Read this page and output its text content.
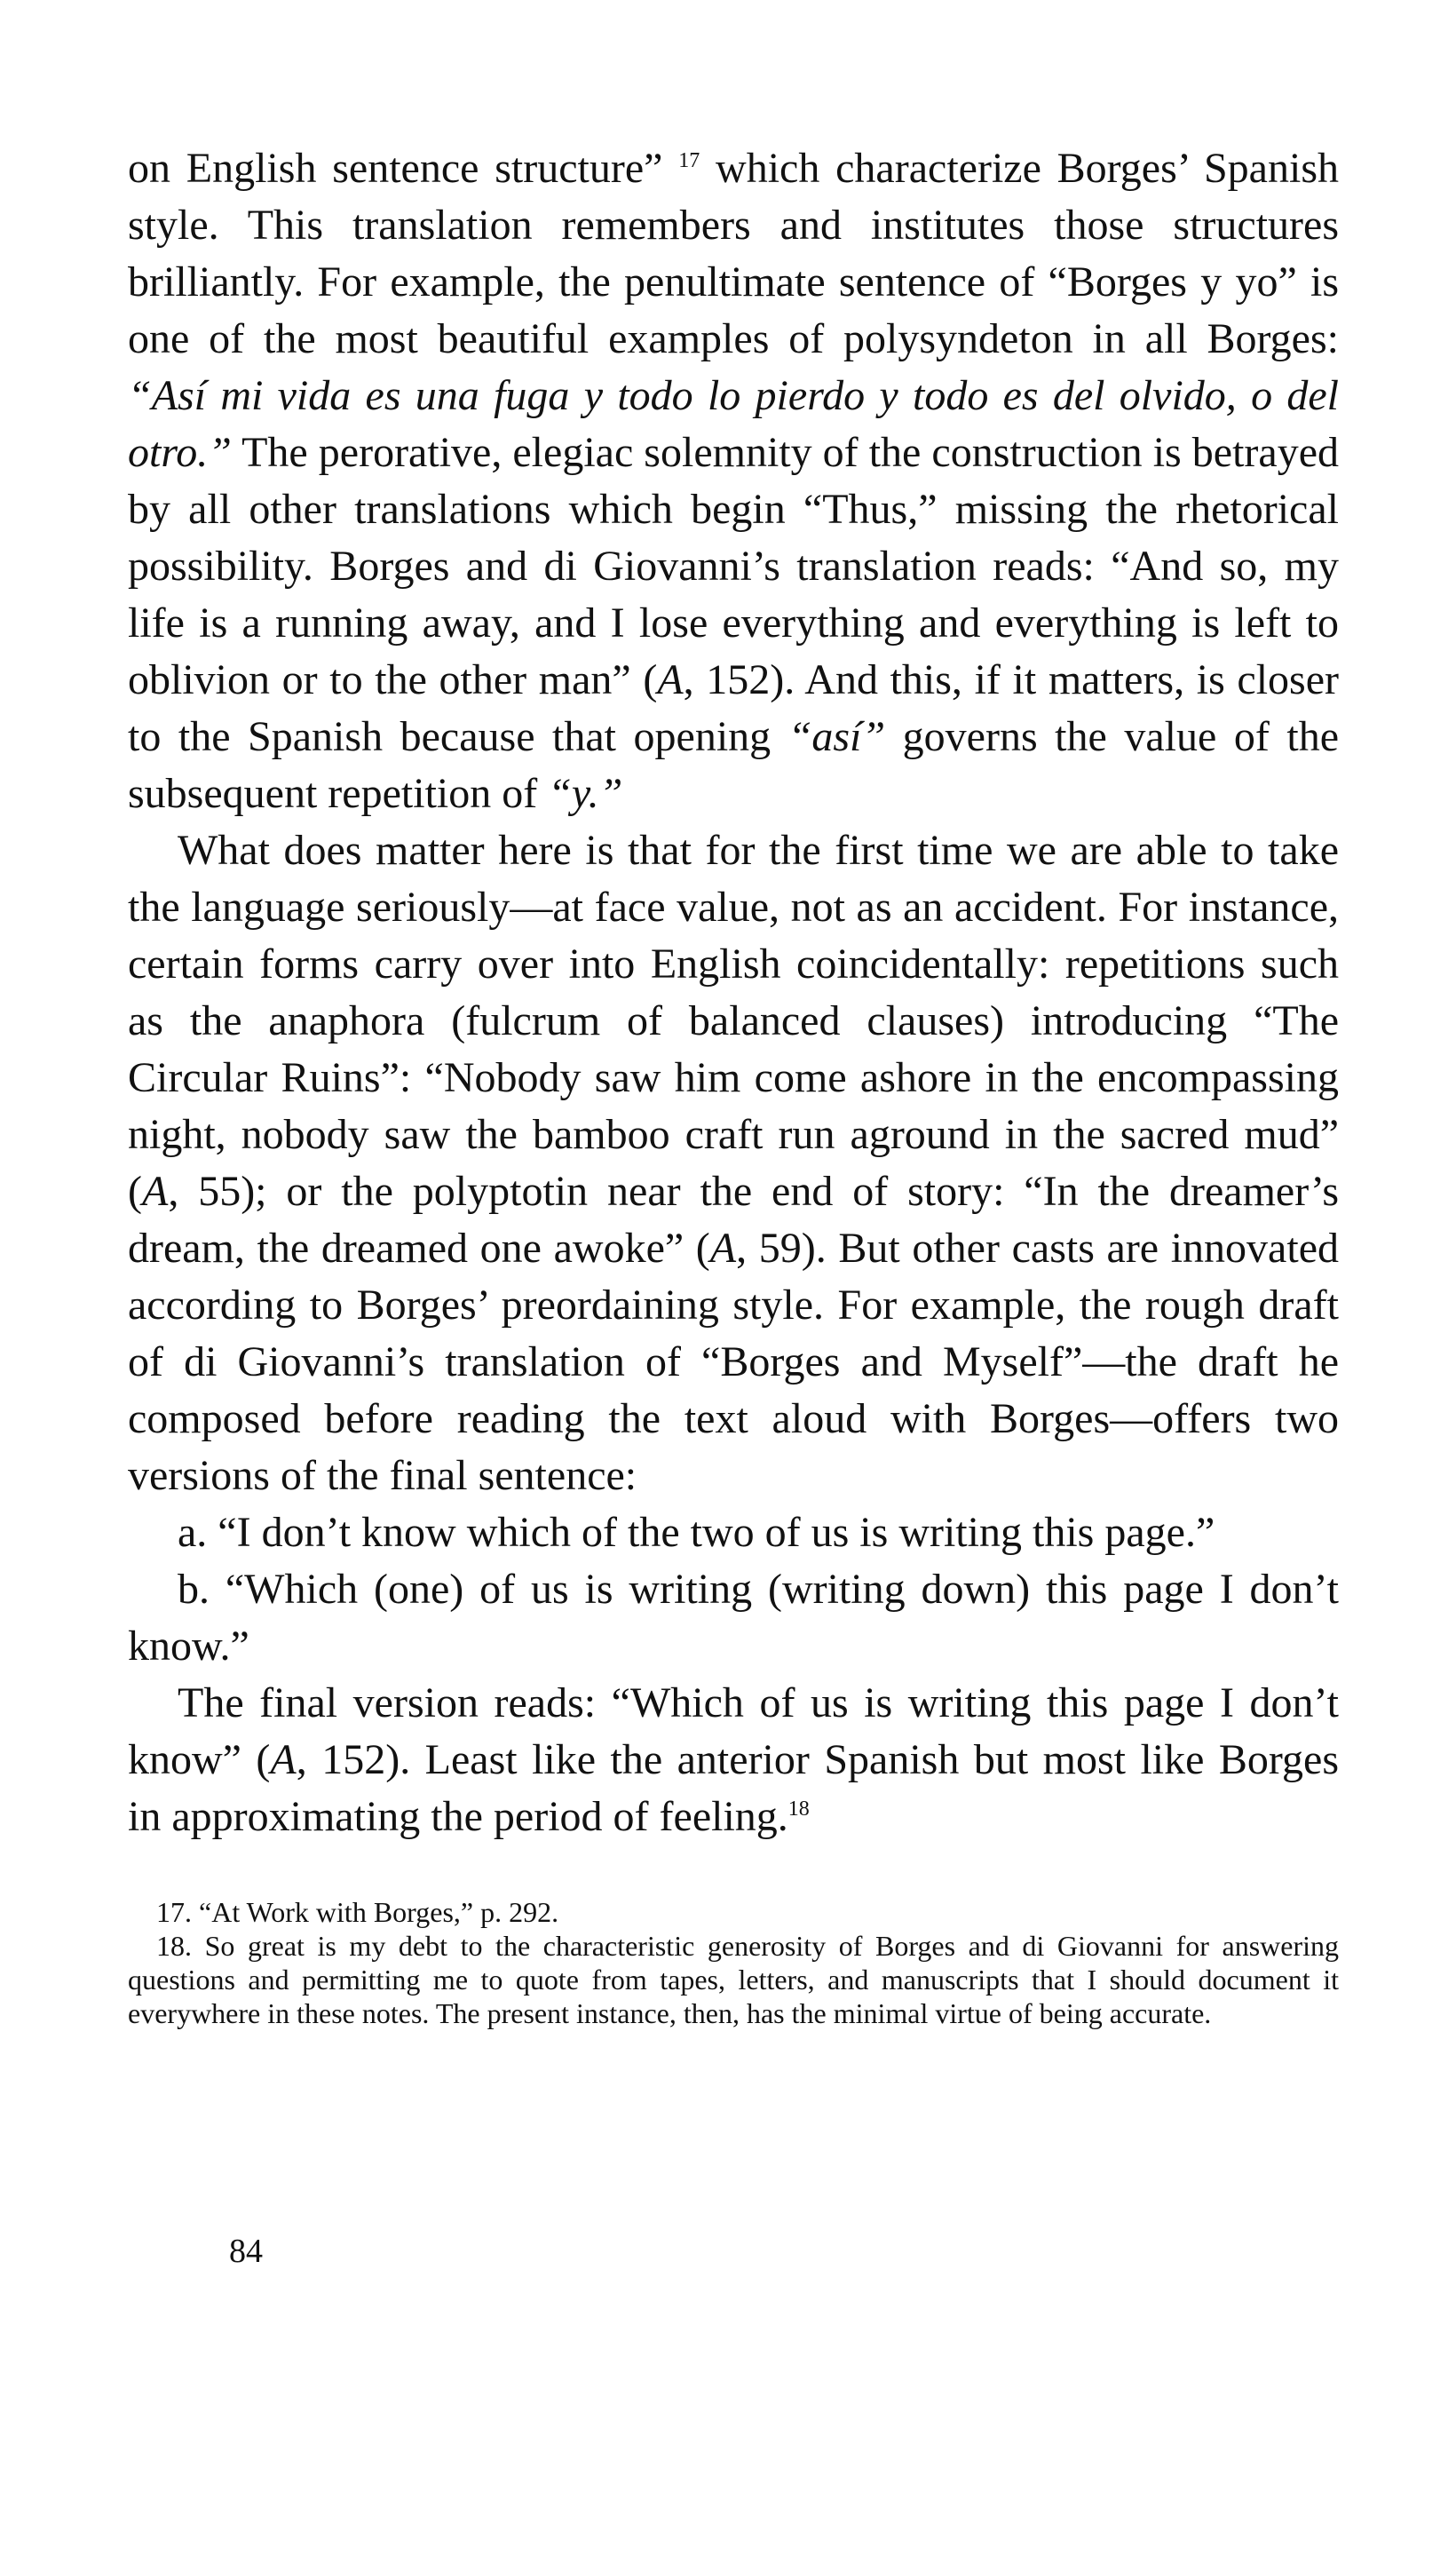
on English sentence structure” $^{17}$ which characterize Borges’ Spanish style. This translation remembers and institutes those structures brilliantly. For example, the penultimate sentence of “Borges y yo” is one of the most beautiful examples of polysyndeton in all Borges: “Así mi vida es una fuga y todo lo pierdo y todo es del olvido, o del otro.” The perorative, elegiac solemnity of the construction is betrayed by all other translations which begin “Thus,” missing the rhetorical possibility. Borges and di Giovanni’s translation reads: “And so, my life is a running away, and I lose everything and everything is left to oblivion or to the other man” (A, 152). And this, if it matters, is closer to the Spanish because that opening “así” governs the value of the subsequent repetition of “y.”

What does matter here is that for the first time we are able to take the language seriously—at face value, not as an accident. For instance, certain forms carry over into English coincidentally: repetitions such as the anaphora (fulcrum of balanced clauses) introducing “The Circular Ruins”: “Nobody saw him come ashore in the encompassing night, nobody saw the bamboo craft run aground in the sacred mud” (A, 55); or the polyptotin near the end of story: “In the dreamer’s dream, the dreamed one awoke” (A, 59). But other casts are innovated according to Borges’ preordaining style. For example, the rough draft of di Giovanni’s translation of “Borges and Myself”—the draft he composed before reading the text aloud with Borges—offers two versions of the final sentence:

a. “I don’t know which of the two of us is writing this page.”

b. “Which (one) of us is writing (writing down) this page I don’t know.”

The final version reads: “Which of us is writing this page I don’t know” (A, 152). Least like the anterior Spanish but most like Borges in approximating the period of feeling.$^{18}$

17. “At Work with Borges,” p. 292.

18. So great is my debt to the characteristic generosity of Borges and di Giovanni for answering questions and permitting me to quote from tapes, letters, and manuscripts that I should document it everywhere in these notes. The present instance, then, has the minimal virtue of being accurate.

84
